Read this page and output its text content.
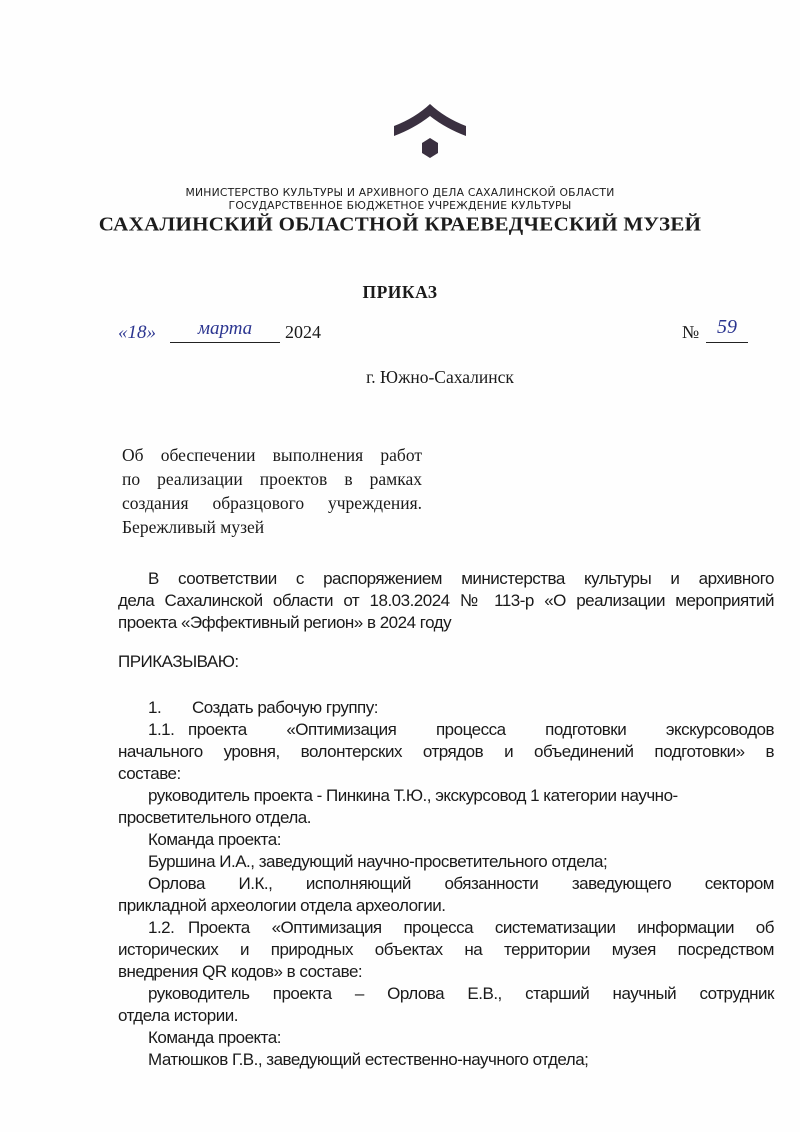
МИНИСТЕРСТВО КУЛЬТУРЫ И АРХИВНОГО ДЕЛА САХАЛИНСКОЙ ОБЛАСТИ
ГОСУДАРСТВЕННОЕ БЮДЖЕТНОЕ УЧРЕЖДЕНИЕ КУЛЬТУРЫ
САХАЛИНСКИЙ ОБЛАСТНОЙ КРАЕВЕДЧЕСКИЙ МУЗЕЙ
ПРИКАЗ
«18»	марта	2024	№ 59
г. Южно-Сахалинск
Об обеспечении выполнения работ
по реализации проектов в рамках
создания образцового учреждения.
Бережливый музей
В соответствии с распоряжением министерства культуры и архивного
дела Сахалинской области от 18.03.2024 № 113-р «О реализации мероприятий
проекта «Эффективный регион» в 2024 году
ПРИКАЗЫВАЮ:
1. Создать рабочую группу:
1.1. проекта «Оптимизация процесса подготовки экскурсоводов
начального уровня, волонтерских отрядов и объединений подготовки» в
составе:
руководитель проекта - Пинкина Т.Ю., экскурсовод 1 категории научно-
просветительного отдела.
Команда проекта:
Буршина И.А., заведующий научно-просветительного отдела;
Орлова И.К., исполняющий обязанности заведующего сектором
прикладной археологии отдела археологии.
1.2. Проекта «Оптимизация процесса систематизации информации об
исторических и природных объектах на территории музея посредством
внедрения QR кодов» в составе:
руководитель проекта – Орлова Е.В., старший научный сотрудник
отдела истории.
Команда проекта:
Матюшков Г.В., заведующий естественно-научного отдела;
